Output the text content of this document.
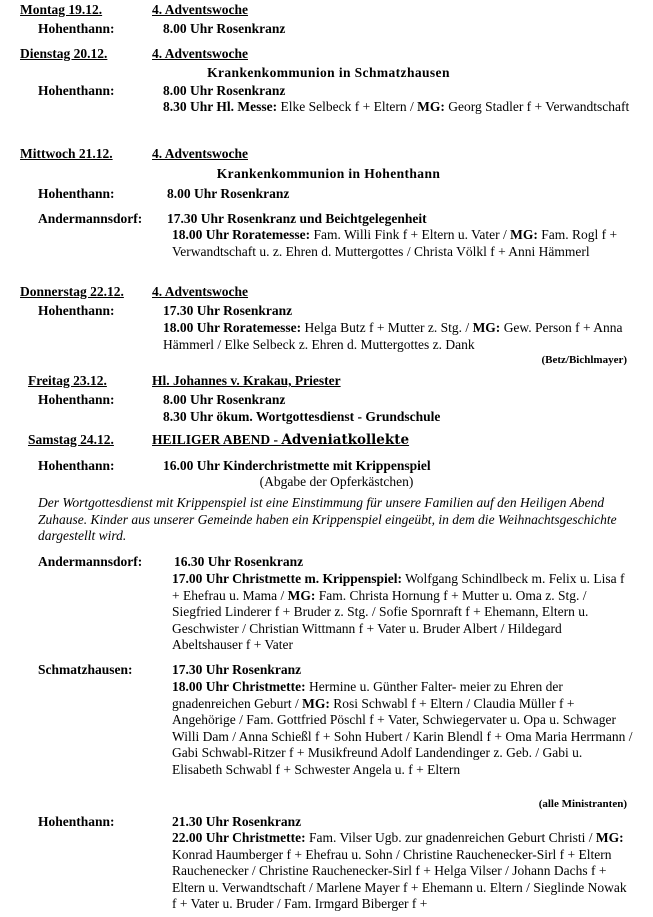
Montag 19.12.	4. Adventswoche
Hohenthann:	8.00 Uhr Rosenkranz
Dienstag 20.12.	4. Adventswoche
Krankenkommunion in Schmatzhausen
Hohenthann:	8.00 Uhr Rosenkranz
8.30 Uhr Hl. Messe: Elke Selbeck f + Eltern / MG: Georg Stadler f + Verwandtschaft
Mittwoch 21.12.	4. Adventswoche
Krankenkommunion in Hohenthann
Hohenthann:	8.00 Uhr Rosenkranz
Andermannsdorf: 17.30 Uhr Rosenkranz und Beichtgelegenheit
18.00 Uhr Roratemesse: Fam. Willi Fink f + Eltern u. Vater / MG: Fam. Rogl f + Verwandtschaft u. z. Ehren d. Muttergottes / Christa Völkl f + Anni Hämmerl
Donnerstag 22.12. 4. Adventswoche
Hohenthann:	17.30 Uhr Rosenkranz
18.00 Uhr Roratemesse: Helga Butz f + Mutter z. Stg. / MG: Gew. Person f + Anna Hämmerl / Elke Selbeck z. Ehren d. Muttergottes z. Dank
(Betz/Bichlmayer)
Freitag 23.12.	Hl. Johannes v. Krakau, Priester
Hohenthann:	8.00 Uhr Rosenkranz
8.30 Uhr ökum. Wortgottesdienst - Grundschule
Samstag 24.12.	HEILIGER ABEND - Adveniatkollekte
Hohenthann:	16.00 Uhr Kinderchristmette mit Krippenspiel
(Abgabe der Opferkästchen)
Der Wortgottesdienst mit Krippenspiel ist eine Einstimmung für unsere Familien auf den Heiligen Abend Zuhause. Kinder aus unserer Gemeinde haben ein Krippenspiel eingeübt, in dem die Weihnachtsgeschichte dargestellt wird.
Andermannsdorf: 16.30 Uhr Rosenkranz
17.00 Uhr Christmette m. Krippenspiel: Wolfgang Schindlbeck m. Felix u. Lisa f + Ehefrau u. Mama / MG: Fam. Christa Hornung f + Mutter u. Oma z. Stg. / Siegfried Linderer f + Bruder z. Stg. / Sofie Spornraft f + Ehemann, Eltern u. Geschwister / Christian Wittmann f + Vater u. Bruder Albert / Hildegard Abeltshauser f + Vater
Schmatzhausen:	17.30 Uhr Rosenkranz
18.00 Uhr Christmette: Hermine u. Günther Falter- meier zu Ehren der gnadenreichen Geburt / MG: Rosi Schwabl f + Eltern / Claudia Müller f + Angehörige / Fam. Gottfried Pöschl f + Vater, Schwiegervater u. Opa u. Schwager Willi Dam / Anna Schießl f + Sohn Hubert / Karin Blendl f + Oma Maria Herrmann / Gabi Schwabl-Ritzer f + Musikfreund Adolf Landendinger z. Geb. / Gabi u. Elisabeth Schwabl f + Schwester Angela u. f + Eltern
(alle Ministranten)
Hohenthann:	21.30 Uhr Rosenkranz
22.00 Uhr Christmette: Fam. Vilser Ugb. zur gnadenreichen Geburt Christi / MG: Konrad Haumberger f + Ehefrau u. Sohn / Christine Rauchenecker-Sirl f + Eltern Rauchenecker / Christine Rauchenecker-Sirl f + Helga Vilser / Johann Dachs f + Eltern u. Verwandtschaft / Marlene Mayer f + Ehemann u. Eltern / Sieglinde Nowak f + Vater u. Bruder / Fam. Irmgard Biberger f +
